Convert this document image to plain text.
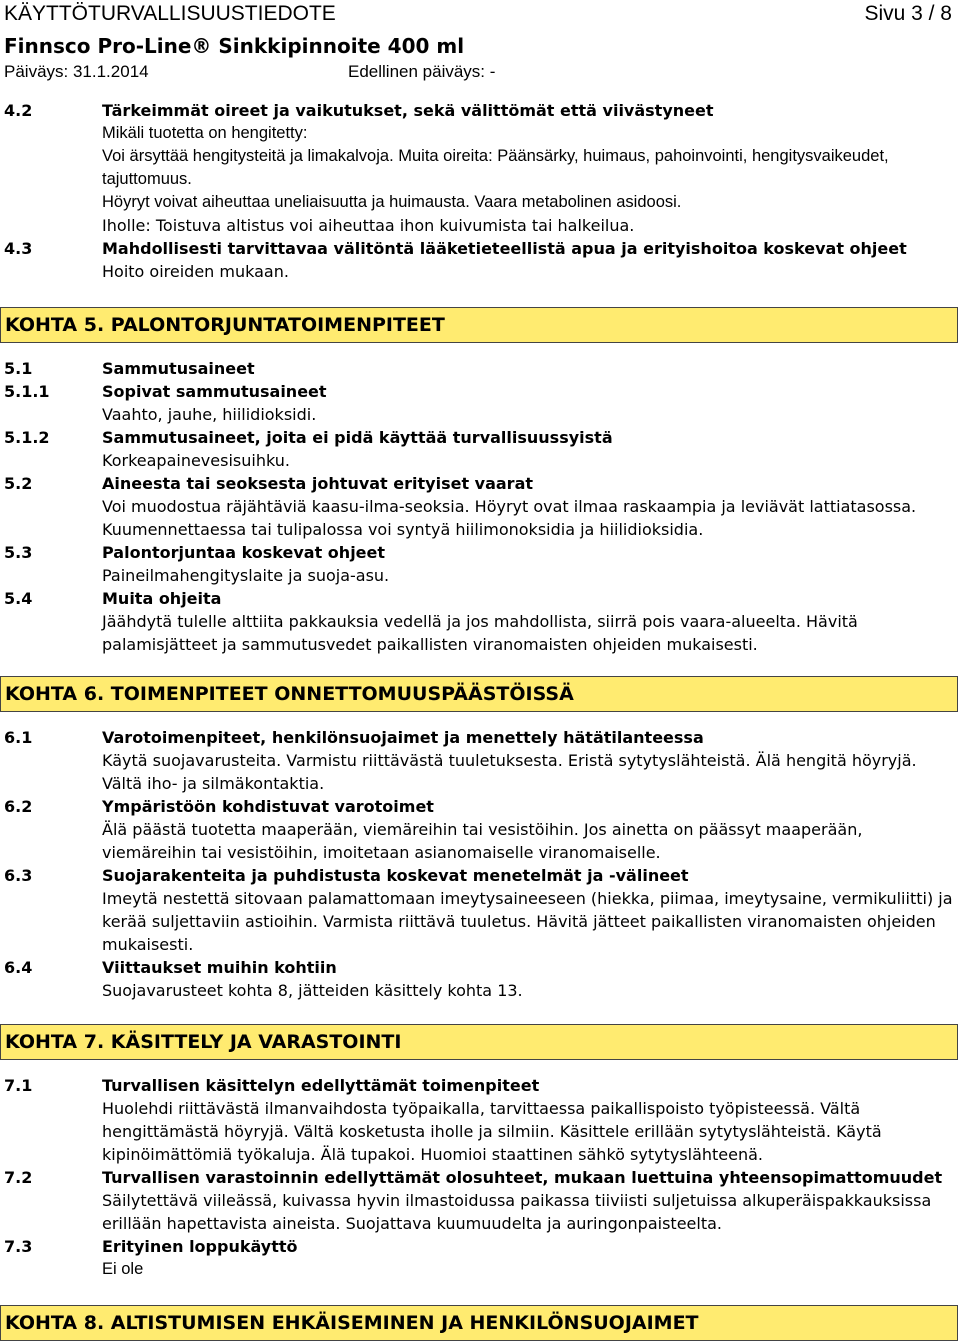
KÄYTTÖTURVALLISUUSTIEDOTE	Sivu 3 / 8
Finnsco Pro-Line® Sinkkipinnoite 400 ml
Päiväys: 31.1.2014	Edellinen päiväys: -
4.2	Tärkeimmät oireet ja vaikutukset, sekä välittömät että viivästyneet
Mikäli tuotetta on hengitetty:
Voi ärsyttää hengitysteitä ja limakalvoja. Muita oireita: Päänsärky, huimaus, pahoinvointi, hengitysvaikeudet, tajuttomuus.
Höyryt voivat aiheuttaa uneliaisuutta ja huimausta. Vaara metabolinen asidoosi.
Iholle: Toistuva altistus voi aiheuttaa ihon kuivumista tai halkeilua.
4.3	Mahdollisesti tarvittavaa välitöntä lääketieteellistä apua ja erityishoitoa koskevat ohjeet
Hoito oireiden mukaan.
KOHTA 5. PALONTORJUNTATOIMENPITEET
5.1	Sammutusaineet
5.1.1	Sopivat sammutusaineet
Vaahto, jauhe, hiilidioksidi.
5.1.2	Sammutusaineet, joita ei pidä käyttää turvallisuussyistä
Korkeapainevesisuihku.
5.2	Aineesta tai seoksesta johtuvat erityiset vaarat
Voi muodostua räjähtäviä kaasu-ilma-seoksia. Höyryt ovat ilmaa raskaampia ja leviävät lattiatasossa.
Kuumennettaessa tai tulipalossa voi syntyä hiilimonoksidia ja hiilidioksidia.
5.3	Palontorjuntaa koskevat ohjeet
Paineilmahengityslaite ja suoja-asu.
5.4	Muita ohjeita
Jäähdytä tulelle alttiita pakkauksia vedellä ja jos mahdollista, siirrä pois vaara-alueelta. Hävitä palamisjätteet ja sammutusvedet paikallisten viranomaisten ohjeiden mukaisesti.
KOHTA 6. TOIMENPITEET ONNETTOMUUSPÄÄSTÖISSÄ
6.1	Varotoimenpiteet, henkilönsuojaimet ja menettely hätätilanteessa
Käytä suojavarusteita. Varmistu riittävästä tuuletuksesta. Eristä sytytyslähteistä. Älä hengitä höyryjä. Vältä iho- ja silmäkontaktia.
6.2	Ympäristöön kohdistuvat varotoimet
Älä päästä tuotetta maaperään, viemäreihin tai vesistöihin. Jos ainetta on päässyt maaperään, viemäreihin tai vesistöihin, imoitetaan asianomaiselle viranomaiselle.
6.3	Suojarakenteita ja puhdistusta koskevat menetelmät ja -välineet
Imeytä nestettä sitovaan palamattomaan imeytysaineeseen (hiekka, piimaa, imeytysaine, vermikuliitti) ja kerää suljettaviin astioihin. Varmista riittävä tuuletus. Hävitä jätteet paikallisten viranomaisten ohjeiden mukaisesti.
6.4	Viittaukset muihin kohtiin
Suojavarusteet kohta 8, jätteiden käsittely kohta 13.
KOHTA 7. KÄSITTELY JA VARASTOINTI
7.1	Turvallisen käsittelyn edellyttämät toimenpiteet
Huolehdi riittävästä ilmanvaihdosta työpaikalla, tarvittaessa paikallispoisto työpisteessä. Vältä hengittämästä höyryjä. Vältä kosketusta iholle ja silmiin. Käsittele erillään sytytyslähteistä. Käytä kipinöimättömiä työkaluja. Älä tupakoi. Huomioi staattinen sähkö sytytyslähteenä.
7.2	Turvallisen varastoinnin edellyttämät olosuhteet, mukaan luettuina yhteensopimattomuudet
Säilytettävä viileässä, kuivassa hyvin ilmastoidussa paikassa tiiviisti suljetuissa alkuperäispakkauksissa erillään hapettavista aineista. Suojattava kuumuudelta ja auringonpaisteelta.
7.3	Erityinen loppukäyttö
Ei ole
KOHTA 8. ALTISTUMISEN EHKÄISEMINEN JA HENKILÖNSUOJAIMET
